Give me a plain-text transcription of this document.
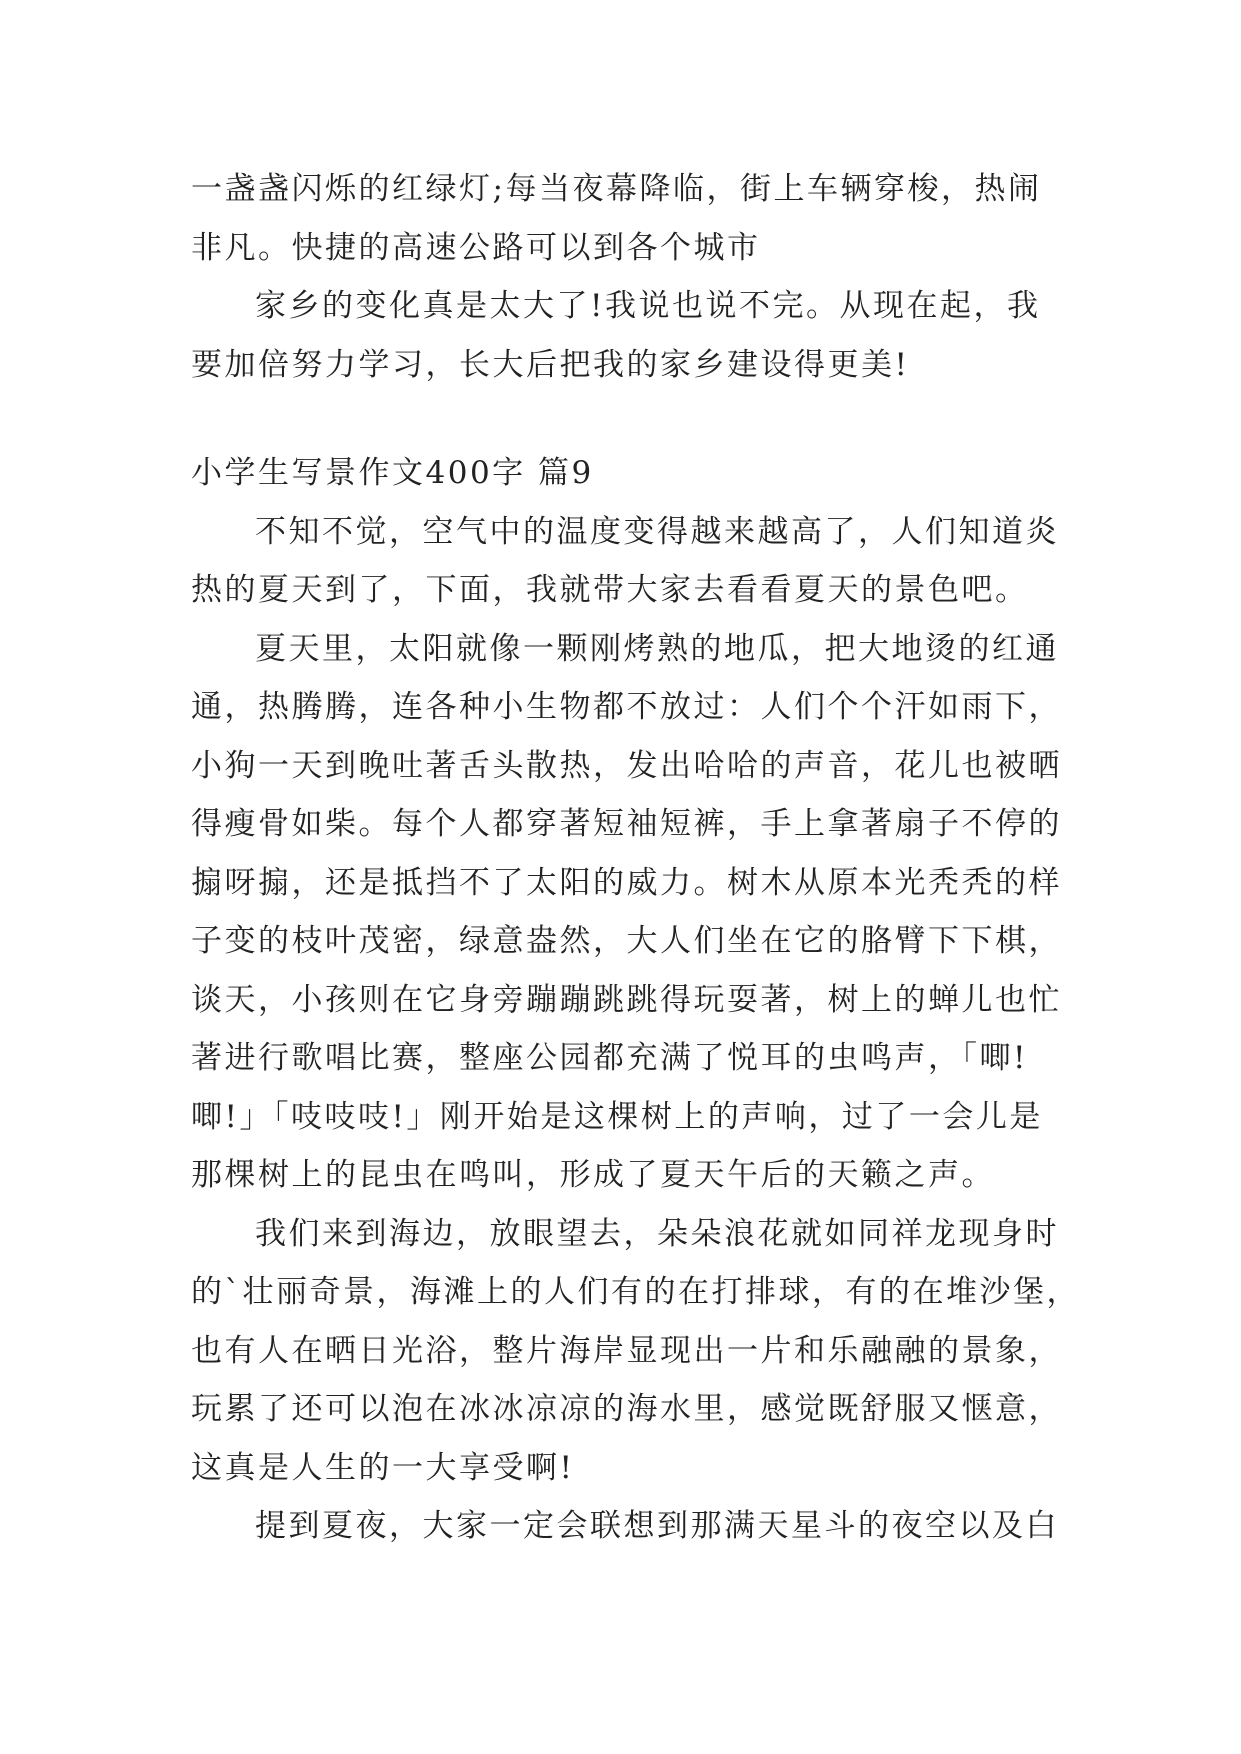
一盏盏闪烁的红绿灯;每当夜幕降临，街上车辆穿梭，热闹
非凡。快捷的高速公路可以到各个城市
家乡的变化真是太大了!我说也说不完。从现在起，我
要加倍努力学习，长大后把我的家乡建设得更美!
小学生写景作文400字 篇9
不知不觉，空气中的温度变得越来越高了，人们知道炎
热的夏天到了，下面，我就带大家去看看夏天的景色吧。
夏天里，太阳就像一颗刚烤熟的地瓜，把大地烫的红通
通，热腾腾，连各种小生物都不放过：人们个个汗如雨下，
小狗一天到晚吐著舌头散热，发出哈哈的声音，花儿也被晒
得瘦骨如柴。每个人都穿著短袖短裤，手上拿著扇子不停的
搧呀搧，还是抵挡不了太阳的威力。树木从原本光秃秃的样
子变的枝叶茂密，绿意盎然，大人们坐在它的胳臂下下棋，
谈天，小孩则在它身旁蹦蹦跳跳得玩耍著，树上的蝉儿也忙
著进行歌唱比赛，整座公园都充满了悦耳的虫鸣声，「唧!
唧!」「吱吱吱!」刚开始是这棵树上的声响，过了一会儿是
那棵树上的昆虫在鸣叫，形成了夏天午后的天籁之声。
我们来到海边，放眼望去，朵朵浪花就如同祥龙现身时
的`壮丽奇景，海滩上的人们有的在打排球，有的在堆沙堡，
也有人在晒日光浴，整片海岸显现出一片和乐融融的景象，
玩累了还可以泡在冰冰凉凉的海水里，感觉既舒服又惬意，
这真是人生的一大享受啊!
提到夏夜，大家一定会联想到那满天星斗的夜空以及白
